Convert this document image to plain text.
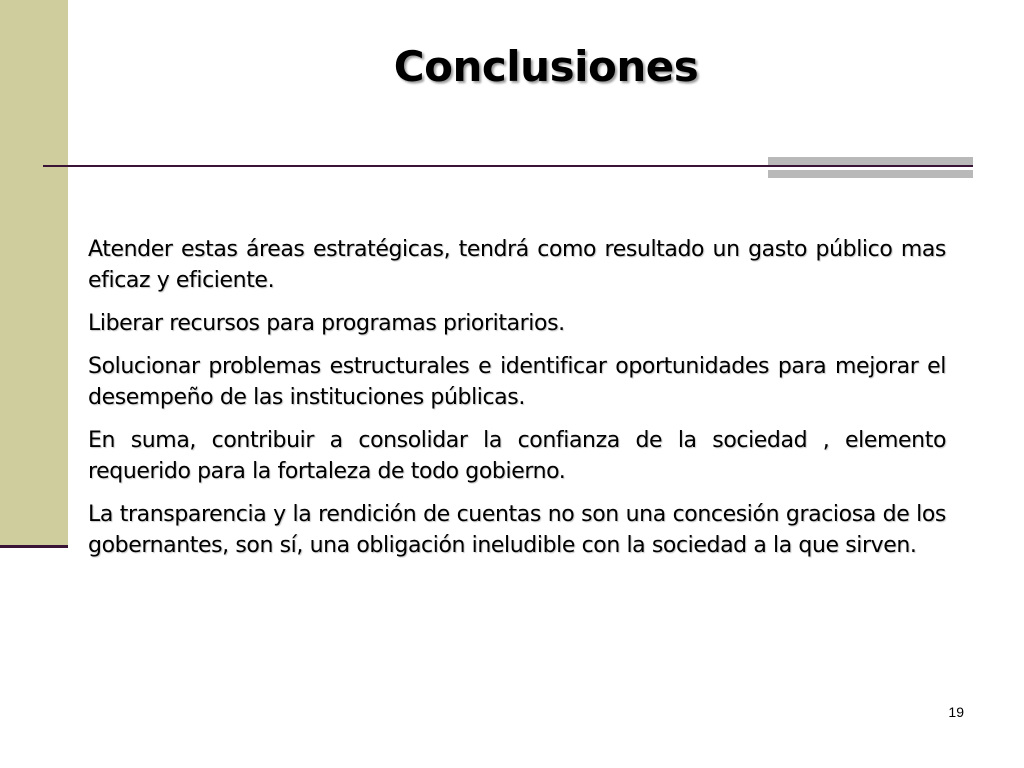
Conclusiones

Atender estas áreas estratégicas, tendrá como resultado un gasto público mas eficaz y eficiente.

Liberar recursos para programas prioritarios.

Solucionar problemas estructurales e identificar oportunidades para mejorar el desempeño de las instituciones públicas.

En suma, contribuir a consolidar la confianza de la sociedad , elemento requerido para la fortaleza de todo gobierno.

La transparencia y la rendición de cuentas no son una concesión graciosa de los gobernantes, son sí, una obligación ineludible con la sociedad a la que sirven.

19
